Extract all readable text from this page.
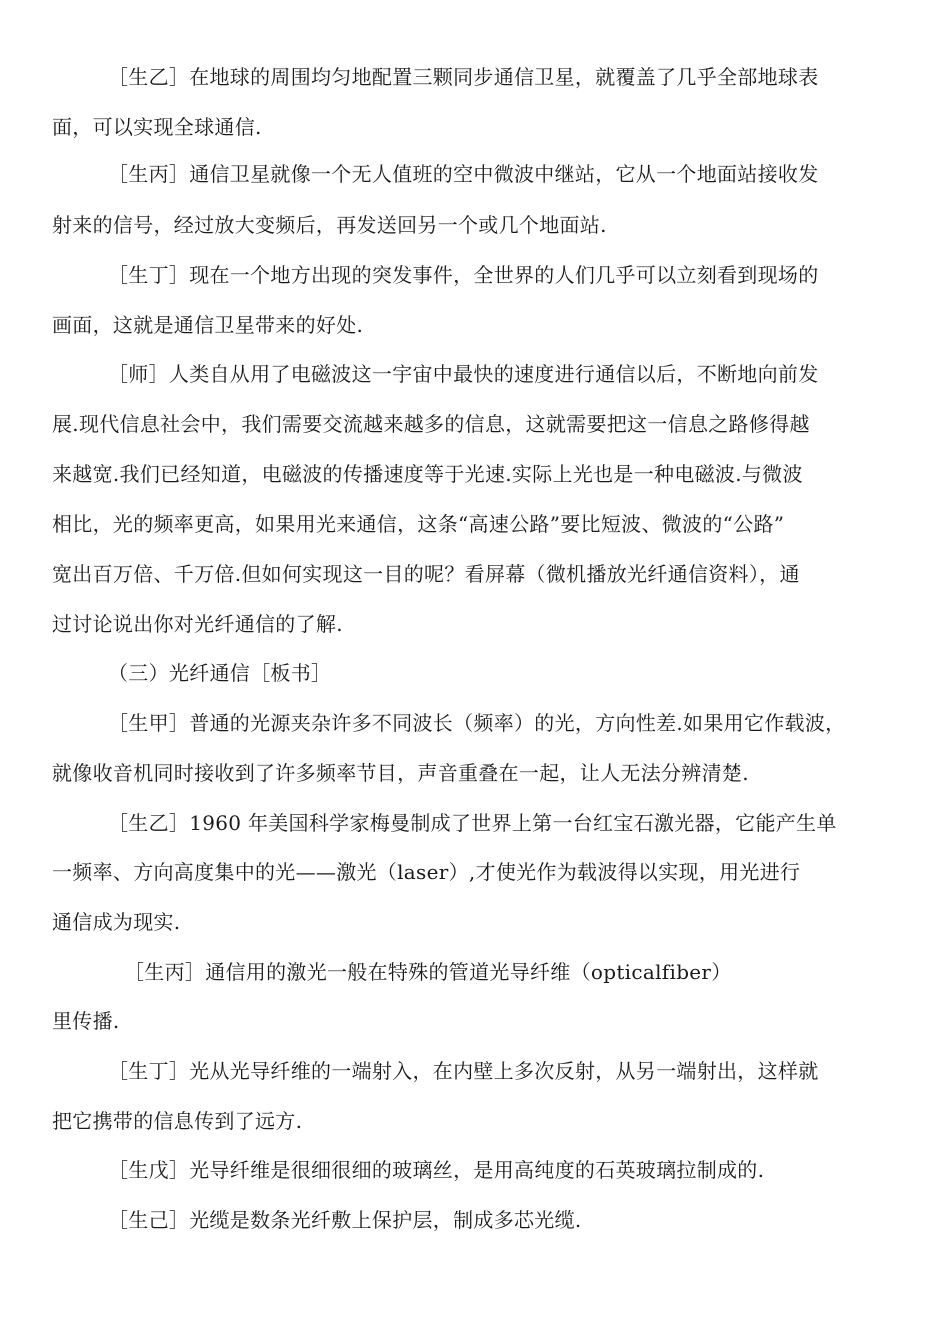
［生乙］在地球的周围均匀地配置三颗同步通信卫星，就覆盖了几乎全部地球表
面，可以实现全球通信.
［生丙］通信卫星就像一个无人值班的空中微波中继站，它从一个地面站接收发
射来的信号，经过放大变频后，再发送回另一个或几个地面站.
［生丁］现在一个地方出现的突发事件，全世界的人们几乎可以立刻看到现场的
画面，这就是通信卫星带来的好处.
［师］人类自从用了电磁波这一宇宙中最快的速度进行通信以后，不断地向前发
展.现代信息社会中，我们需要交流越来越多的信息，这就需要把这一信息之路修得越
来越宽.我们已经知道，电磁波的传播速度等于光速.实际上光也是一种电磁波.与微波
相比，光的频率更高，如果用光来通信，这条“高速公路”要比短波、微波的“公路”
宽出百万倍、千万倍.但如何实现这一目的呢？看屏幕（微机播放光纤通信资料），通
过讨论说出你对光纤通信的了解.
（三）光纤通信［板书］
［生甲］普通的光源夹杂许多不同波长（频率）的光，方向性差.如果用它作载波，
就像收音机同时接收到了许多频率节目，声音重叠在一起，让人无法分辨清楚.
［生乙］1960 年美国科学家梅曼制成了世界上第一台红宝石激光器，它能产生单
一频率、方向高度集中的光——激光（laser）,才使光作为载波得以实现，用光进行
通信成为现实.
［生丙］通信用的激光一般在特殊的管道光导纤维（opticalfiber）
里传播.
［生丁］光从光导纤维的一端射入，在内壁上多次反射，从另一端射出，这样就
把它携带的信息传到了远方.
［生戊］光导纤维是很细很细的玻璃丝，是用高纯度的石英玻璃拉制成的.
［生己］光缆是数条光纤敷上保护层，制成多芯光缆.
